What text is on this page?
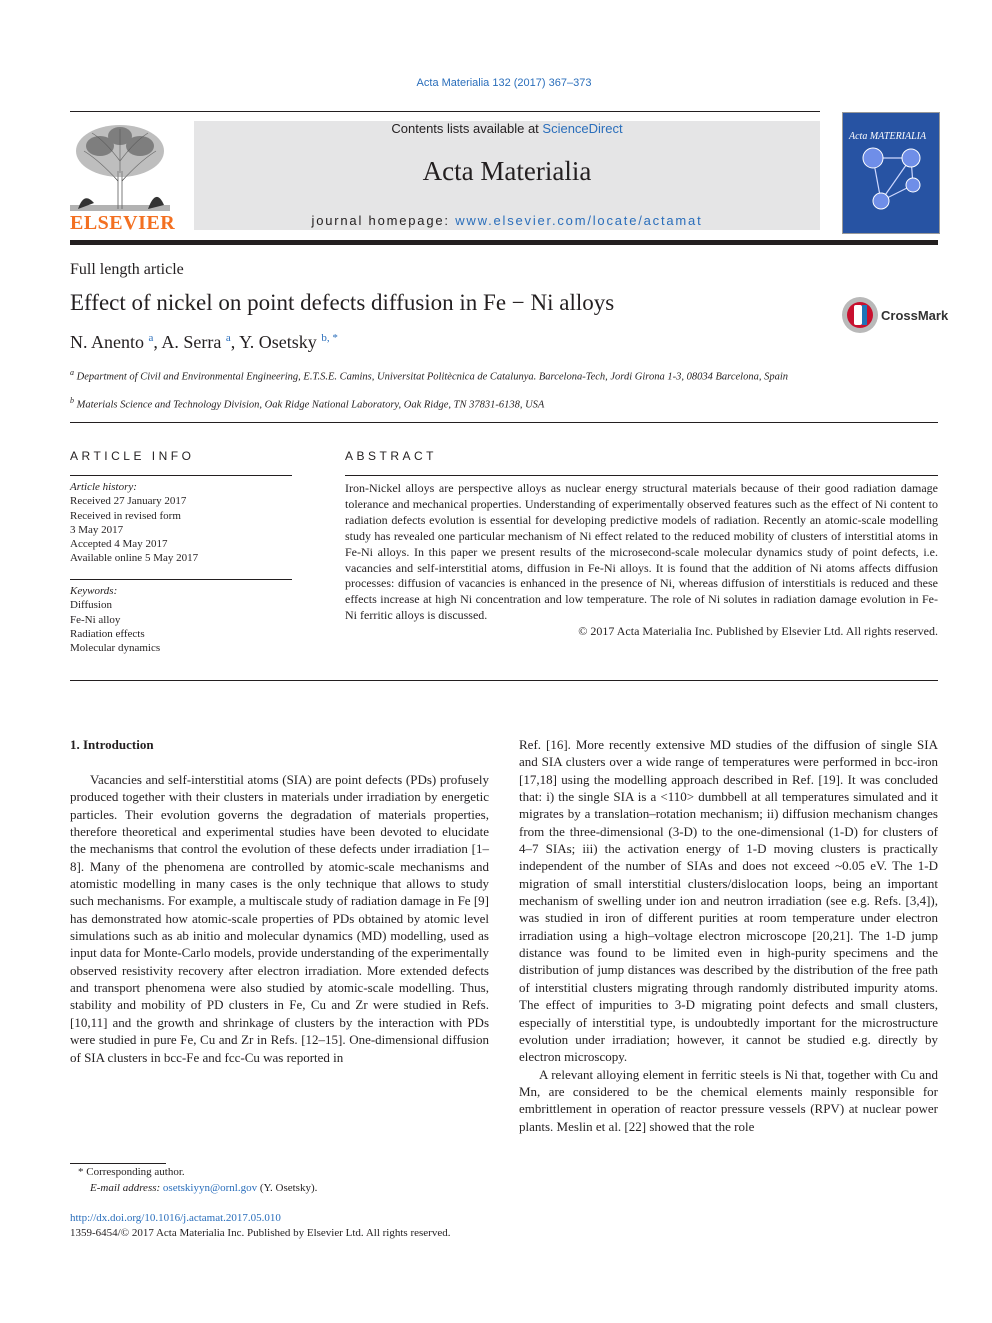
Acta Materialia 132 (2017) 367–373
ELSEVIER
Contents lists available at ScienceDirect
Acta Materialia
journal homepage: www.elsevier.com/locate/actamat
Acta MATERIALIA
Full length article
Effect of nickel on point defects diffusion in Fe − Ni alloys
CrossMark
N. Anento $^a$, A. Serra $^a$, Y. Osetsky $^{b, *}$
$^a$ Department of Civil and Environmental Engineering, E.T.S.E. Camins, Universitat Politècnica de Catalunya. Barcelona-Tech, Jordi Girona 1-3, 08034 Barcelona, Spain
$^b$ Materials Science and Technology Division, Oak Ridge National Laboratory, Oak Ridge, TN 37831-6138, USA
ARTICLE INFO
Article history:
Received 27 January 2017
Received in revised form
3 May 2017
Accepted 4 May 2017
Available online 5 May 2017
Keywords:
Diffusion
Fe-Ni alloy
Radiation effects
Molecular dynamics
ABSTRACT

Iron-Nickel alloys are perspective alloys as nuclear energy structural materials because of their good radiation damage tolerance and mechanical properties. Understanding of experimentally observed features such as the effect of Ni content to radiation defects evolution is essential for developing predictive models of radiation. Recently an atomic-scale modelling study has revealed one particular mechanism of Ni effect related to the reduced mobility of clusters of interstitial atoms in Fe-Ni alloys. In this paper we present results of the microsecond-scale molecular dynamics study of point defects, i.e. vacancies and self-interstitial atoms, diffusion in Fe-Ni alloys. It is found that the addition of Ni atoms affects diffusion processes: diffusion of vacancies is enhanced in the presence of Ni, whereas diffusion of interstitials is reduced and these effects increase at high Ni concentration and low temperature. The role of Ni solutes in radiation damage evolution in Fe-Ni ferritic alloys is discussed.

© 2017 Acta Materialia Inc. Published by Elsevier Ltd. All rights reserved.

1. Introduction

Vacancies and self-interstitial atoms (SIA) are point defects (PDs) profusely produced together with their clusters in materials under irradiation by energetic particles. Their evolution governs the degradation of materials properties, therefore theoretical and experimental studies have been devoted to elucidate the mechanisms that control the evolution of these defects under irradiation [1–8]. Many of the phenomena are controlled by atomic-scale mechanisms and atomistic modelling in many cases is the only technique that allows to study such mechanisms. For example, a multiscale study of radiation damage in Fe [9] has demonstrated how atomic-scale properties of PDs obtained by atomic level simulations such as ab initio and molecular dynamics (MD) modelling, used as input data for Monte-Carlo models, provide understanding of the experimentally observed resistivity recovery after electron irradiation. More extended defects and transport phenomena were also studied by atomic-scale modelling. Thus, stability and mobility of PD clusters in Fe, Cu and Zr were studied in Refs. [10,11] and the growth and shrinkage of clusters by the interaction with PDs were studied in pure Fe, Cu and Zr in Refs. [12–15]. One-dimensional diffusion of SIA clusters in bcc-Fe and fcc-Cu was reported in

Ref. [16]. More recently extensive MD studies of the diffusion of single SIA and SIA clusters over a wide range of temperatures were performed in bcc-iron [17,18] using the modelling approach described in Ref. [19]. It was concluded that: i) the single SIA is a <110> dumbbell at all temperatures simulated and it migrates by a translation–rotation mechanism; ii) diffusion mechanism changes from the three-dimensional (3-D) to the one-dimensional (1-D) for clusters of 4–7 SIAs; iii) the activation energy of 1-D moving clusters is practically independent of the number of SIAs and does not exceed ~0.05 eV. The 1-D migration of small interstitial clusters/dislocation loops, being an important mechanism of swelling under ion and neutron irradiation (see e.g. Refs. [3,4]), was studied in iron of different purities at room temperature under electron irradiation using a high–voltage electron microscope [20,21]. The 1-D jump distance was found to be limited even in high-purity specimens and the distribution of jump distances was described by the distribution of the free path of interstitial clusters migrating through randomly distributed impurity atoms. The effect of impurities to 3-D migrating point defects and small clusters, especially of interstitial type, is undoubtedly important for the microstructure evolution under irradiation; however, it cannot be studied e.g. directly by electron microscopy.

A relevant alloying element in ferritic steels is Ni that, together with Cu and Mn, are considered to be the chemical elements mainly responsible for embrittlement in operation of reactor pressure vessels (RPV) at nuclear power plants. Meslin et al. [22] showed that the role

* Corresponding author.
E-mail address: osetskiyyn@ornl.gov (Y. Osetsky).
http://dx.doi.org/10.1016/j.actamat.2017.05.010
1359-6454/© 2017 Acta Materialia Inc. Published by Elsevier Ltd. All rights reserved.
